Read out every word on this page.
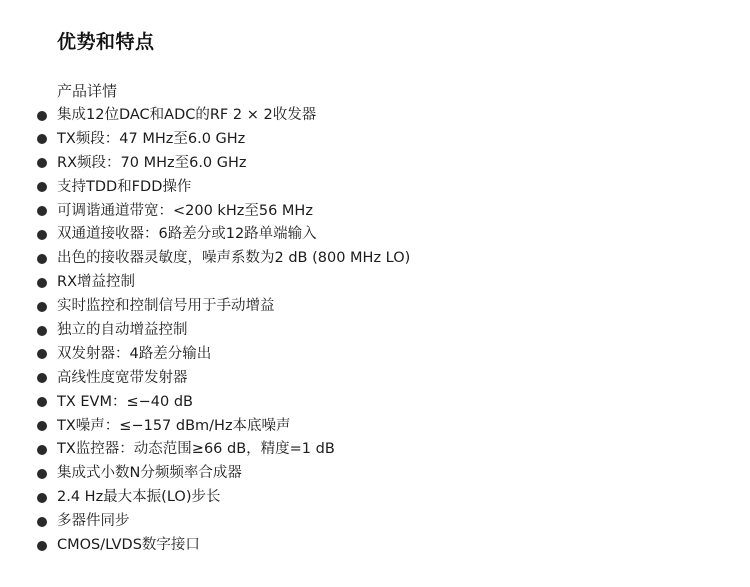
优势和特点
产品详情
集成12位DAC和ADC的RF 2 × 2收发器
TX频段：47 MHz至6.0 GHz
RX频段：70 MHz至6.0 GHz
支持TDD和FDD操作
可调谐通道带宽：<200 kHz至56 MHz
双通道接收器：6路差分或12路单端输入
出色的接收器灵敏度，噪声系数为2 dB (800 MHz LO)
RX增益控制
实时监控和控制信号用于手动增益
独立的自动增益控制
双发射器：4路差分输出
高线性度宽带发射器
TX EVM：≤−40 dB
TX噪声：≤−157 dBm/Hz本底噪声
TX监控器：动态范围≥66 dB，精度=1 dB
集成式小数N分频频率合成器
2.4 Hz最大本振(LO)步长
多器件同步
CMOS/LVDS数字接口
